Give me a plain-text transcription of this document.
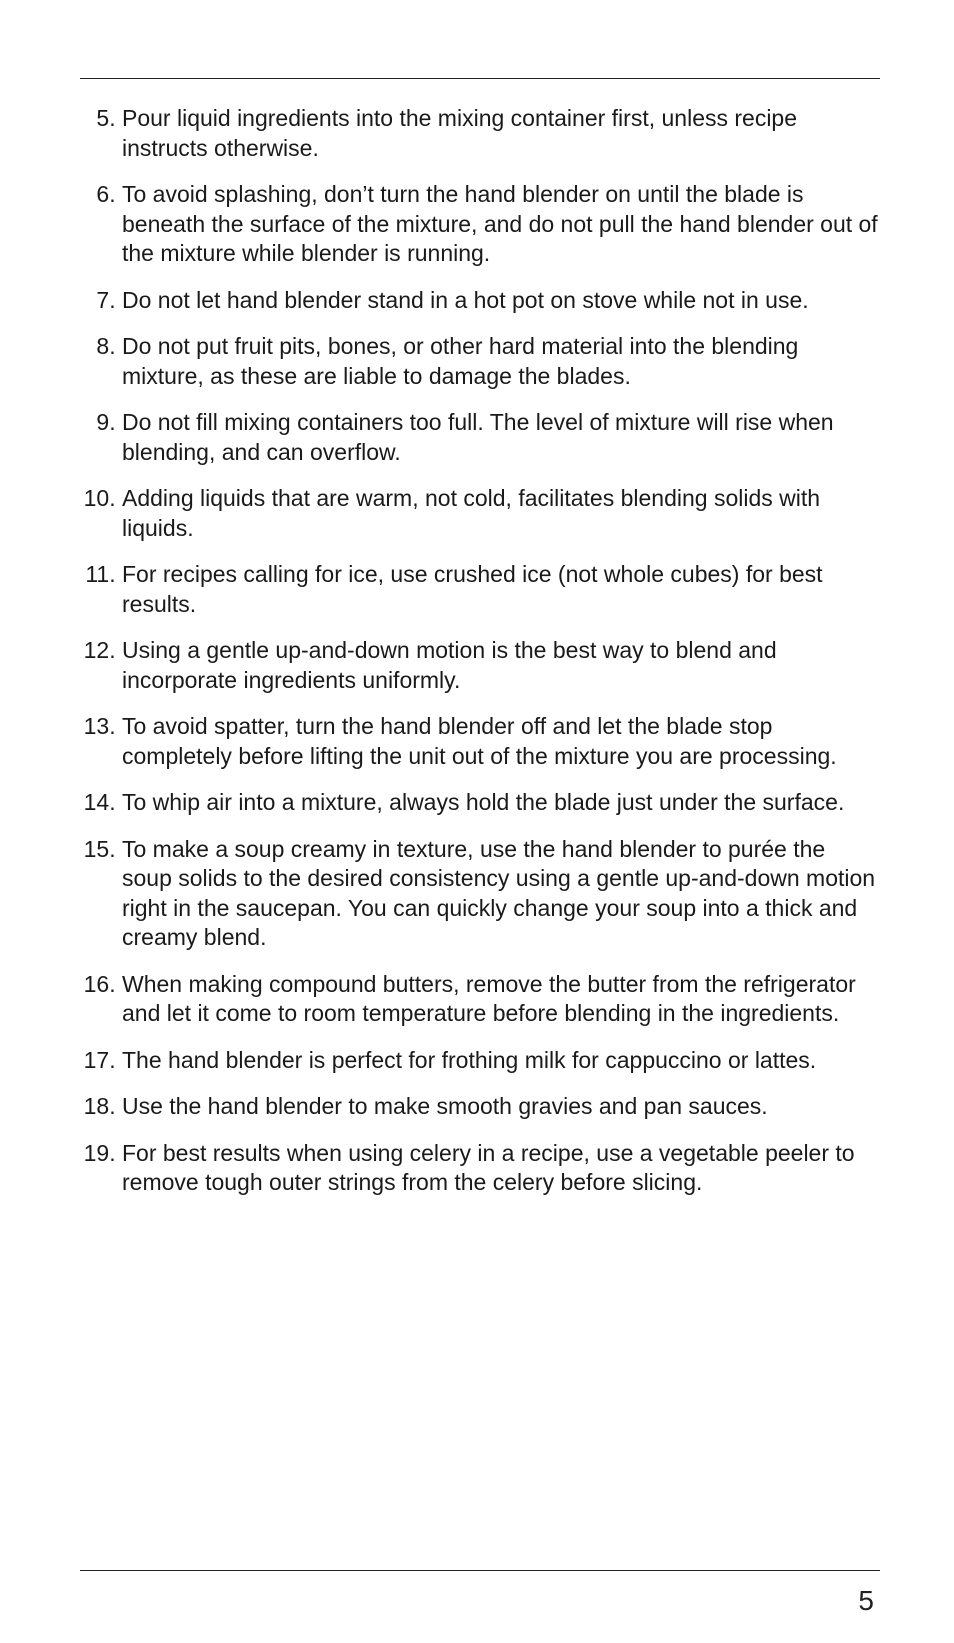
5. Pour liquid ingredients into the mixing container first, unless recipe instructs otherwise.
6. To avoid splashing, don’t turn the hand blender on until the blade is beneath the surface of the mixture, and do not pull the hand blender out of the mixture while blender is running.
7. Do not let hand blender stand in a hot pot on stove while not in use.
8. Do not put fruit pits, bones, or other hard material into the blending mixture, as these are liable to damage the blades.
9. Do not fill mixing containers too full. The level of mixture will rise when blending, and can overflow.
10. Adding liquids that are warm, not cold, facilitates blending solids with liquids.
11. For recipes calling for ice, use crushed ice (not whole cubes) for best results.
12. Using a gentle up-and-down motion is the best way to blend and incorporate ingredients uniformly.
13. To avoid spatter, turn the hand blender off and let the blade stop completely before lifting the unit out of the mixture you are processing.
14. To whip air into a mixture, always hold the blade just under the surface.
15. To make a soup creamy in texture, use the hand blender to purée the soup solids to the desired consistency using a gentle up-and-down motion right in the saucepan. You can quickly change your soup into a thick and creamy blend.
16. When making compound butters, remove the butter from the refrigerator and let it come to room temperature before blending in the ingredients.
17. The hand blender is perfect for frothing milk for cappuccino or lattes.
18. Use the hand blender to make smooth gravies and pan sauces.
19. For best results when using celery in a recipe, use a vegetable peeler to remove tough outer strings from the celery before slicing.
5
